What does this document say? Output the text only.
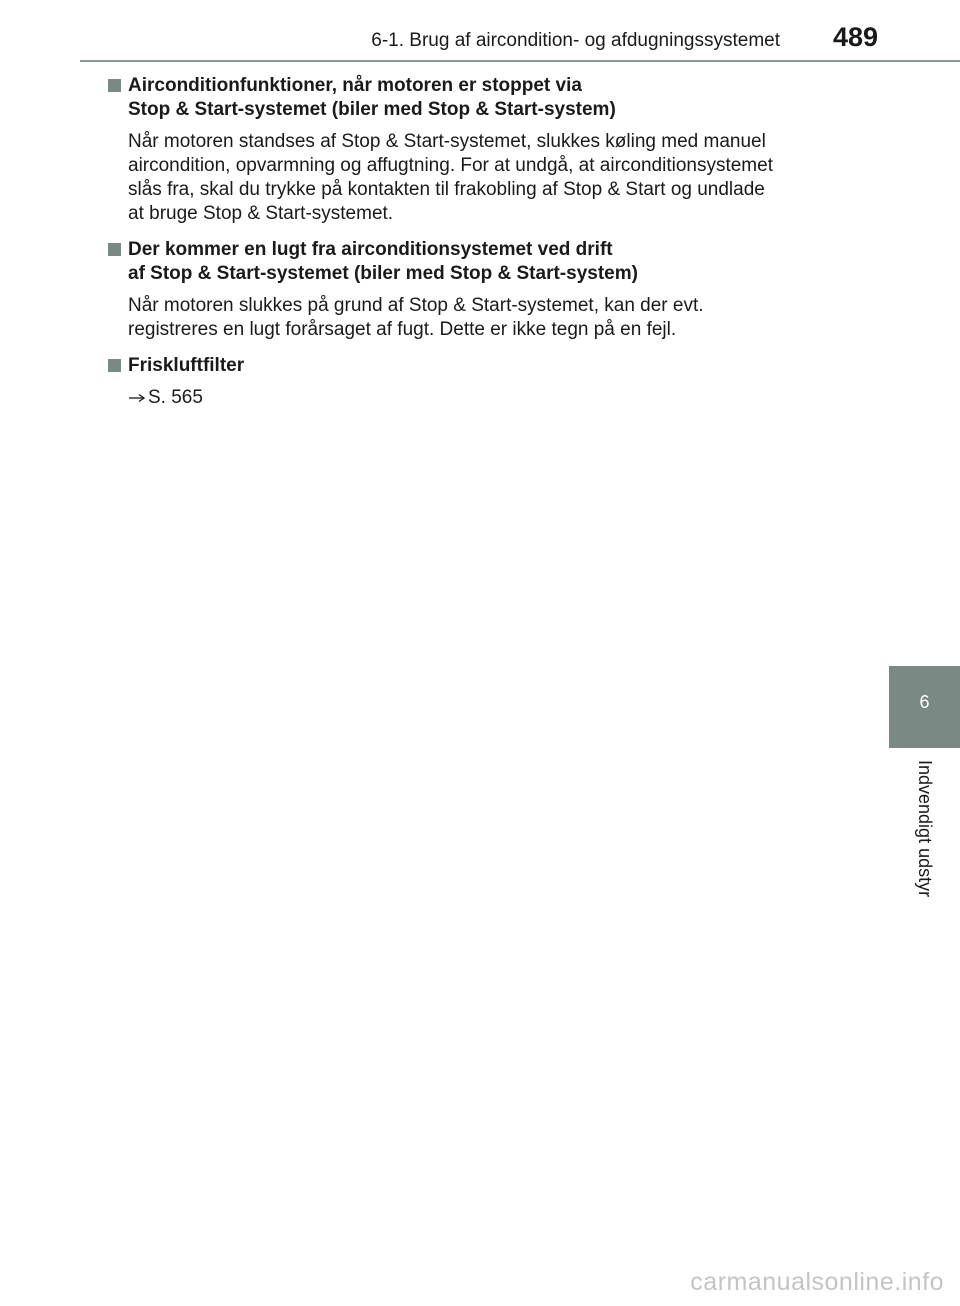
6-1. Brug af aircondition- og afdugningssystemet 489
Airconditionfunktioner, når motoren er stoppet via
Stop & Start-systemet (biler med Stop & Start-system)
Når motoren standses af Stop & Start-systemet, slukkes køling med manuel
aircondition, opvarmning og affugtning. For at undgå, at airconditionsystemet
slås fra, skal du trykke på kontakten til frakobling af Stop & Start og undlade
at bruge Stop & Start-systemet.
Der kommer en lugt fra airconditionsystemet ved drift
af Stop & Start-systemet (biler med Stop & Start-system)
Når motoren slukkes på grund af Stop & Start-systemet, kan der evt.
registreres en lugt forårsaget af fugt. Dette er ikke tegn på en fejl.
Friskluftfilter
S. 565
6
Indvendigt udstyr
carmanualsonline.info
